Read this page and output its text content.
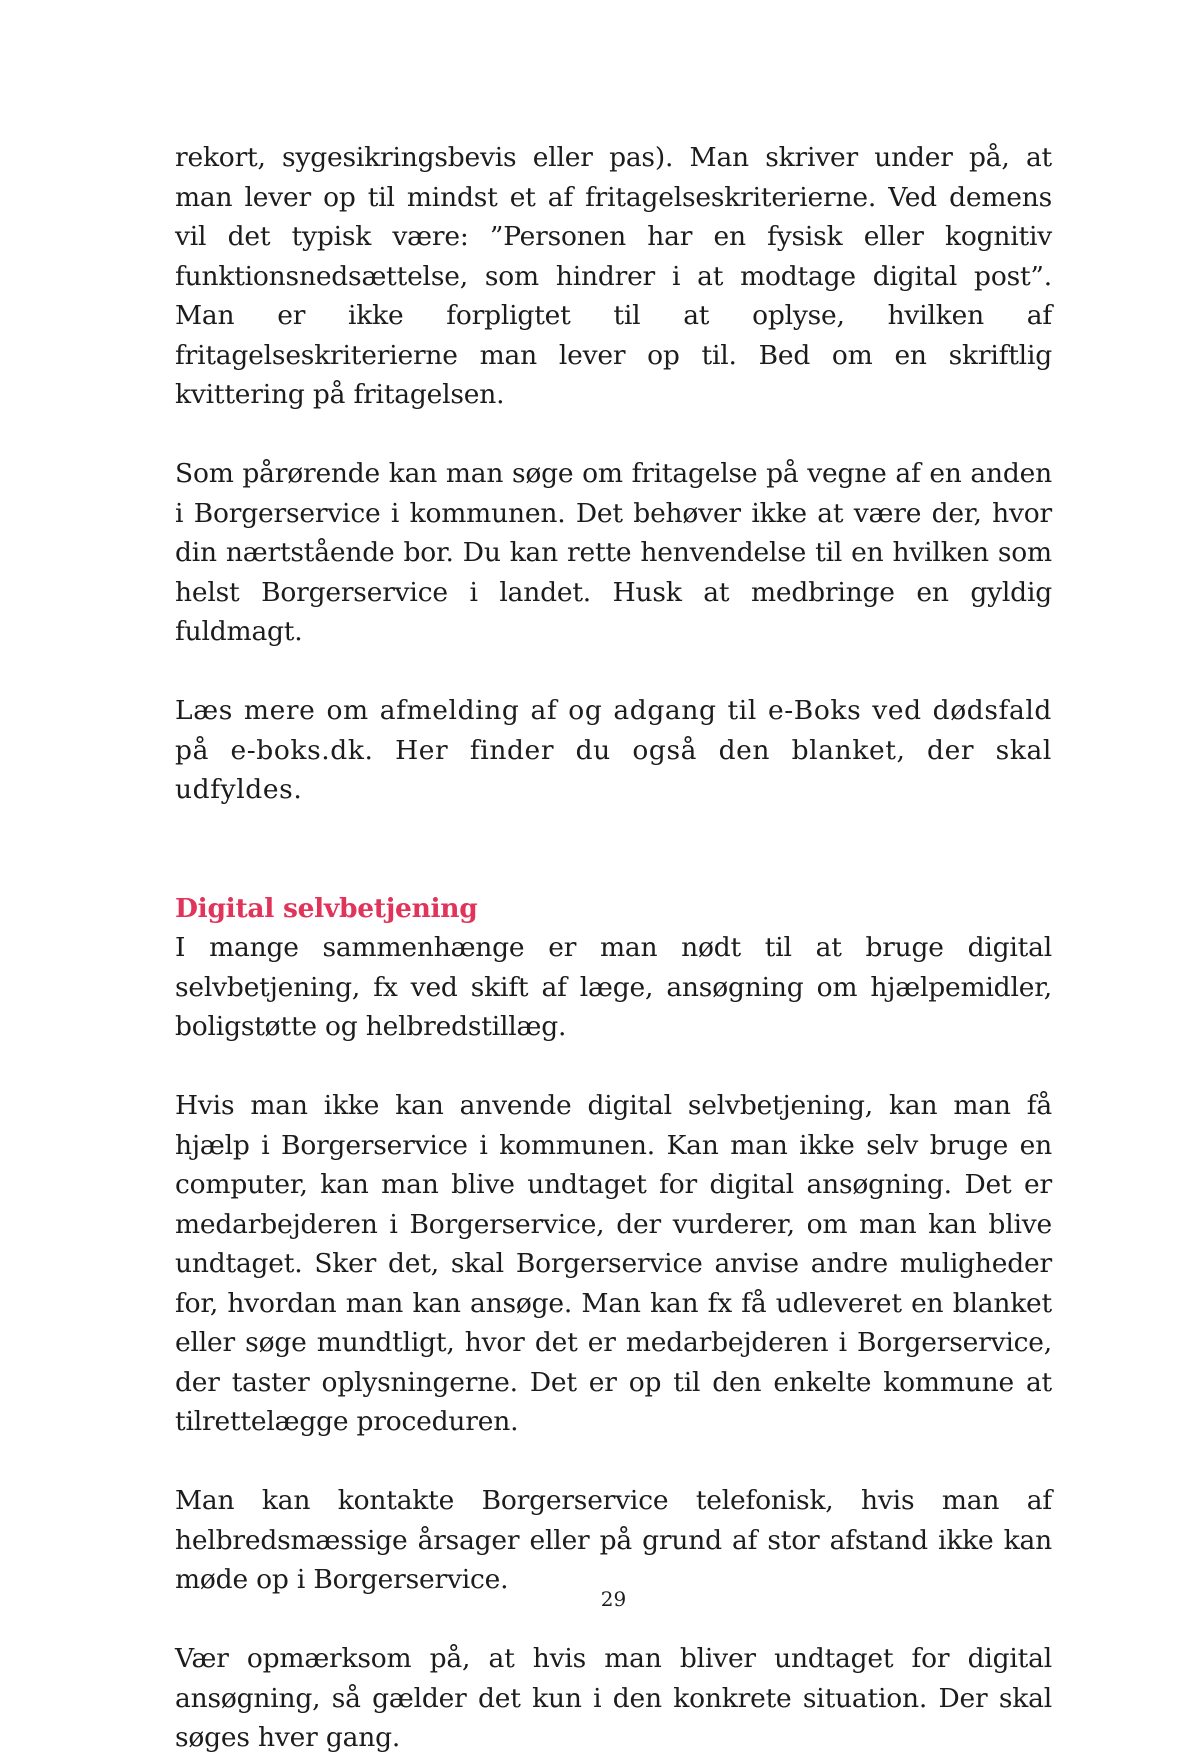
rekort, sygesikringsbevis eller pas). Man skriver under på, at man lever op til mindst et af fritagelseskriterierne. Ved demens vil det typisk være: ”Personen har en fysisk eller kognitiv funktionsnedsættelse, som hindrer i at modtage digital post”. Man er ikke forpligtet til at oplyse, hvilken af fritagelseskriterierne man lever op til. Bed om en skriftlig kvittering på fritagelsen.

Som pårørende kan man søge om fritagelse på vegne af en anden i Borgerservice i kommunen. Det behøver ikke at være der, hvor din nærtstående bor. Du kan rette henvendelse til en hvilken som helst Borgerservice i landet. Husk at medbringe en gyldig fuldmagt.

Læs mere om afmelding af og adgang til e-Boks ved dødsfald på e-boks.dk. Her finder du også den blanket, der skal udfyldes.

Digital selvbetjening

I mange sammenhænge er man nødt til at bruge digital selvbetjening, fx ved skift af læge, ansøgning om hjælpemidler, boligstøtte og helbredstillæg.

Hvis man ikke kan anvende digital selvbetjening, kan man få hjælp i Borgerservice i kommunen. Kan man ikke selv bruge en computer, kan man blive undtaget for digital ansøgning. Det er medarbejderen i Borgerservice, der vurderer, om man kan blive undtaget. Sker det, skal Borgerservice anvise andre muligheder for, hvordan man kan ansøge. Man kan fx få udleveret en blanket eller søge mundtligt, hvor det er medarbejderen i Borgerservice, der taster oplysningerne. Det er op til den enkelte kommune at tilrettelægge proceduren.

Man kan kontakte Borgerservice telefonisk, hvis man af helbredsmæssige årsager eller på grund af stor afstand ikke kan møde op i Borgerservice.

Vær opmærksom på, at hvis man bliver undtaget for digital ansøgning, så gælder det kun i den konkrete situation. Der skal søges hver gang.

29
